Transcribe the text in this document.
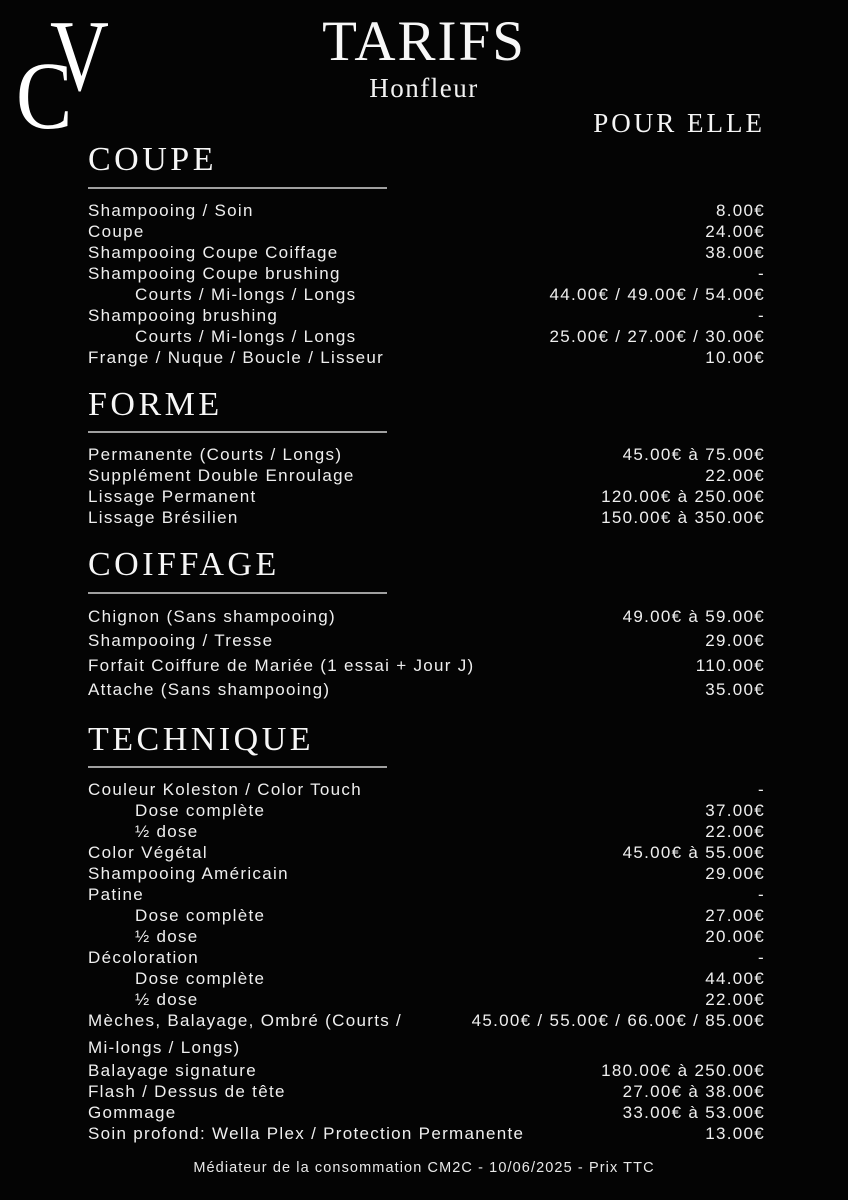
V
C
TARIFS
Honfleur
POUR ELLE
COUPE
Shampooing / Soin	8.00€
Coupe	24.00€
Shampooing Coupe Coiffage	38.00€
Shampooing Coupe brushing	-
Courts / Mi-longs / Longs	44.00€ / 49.00€ / 54.00€
Shampooing brushing	-
Courts / Mi-longs / Longs	25.00€ / 27.00€ / 30.00€
Frange / Nuque / Boucle / Lisseur	10.00€
FORME
Permanente (Courts / Longs)	45.00€ à 75.00€
Supplément Double Enroulage	22.00€
Lissage Permanent	120.00€ à 250.00€
Lissage Brésilien	150.00€ à 350.00€
COIFFAGE
Chignon (Sans shampooing)	49.00€ à 59.00€
Shampooing / Tresse	29.00€
Forfait Coiffure de Mariée (1 essai + Jour J)	110.00€
Attache (Sans shampooing)	35.00€
TECHNIQUE
Couleur Koleston / Color Touch	-
Dose complète	37.00€
½ dose	22.00€
Color Végétal	45.00€ à 55.00€
Shampooing Américain	29.00€
Patine	-
Dose complète	27.00€
½ dose	20.00€
Décoloration	-
Dose complète	44.00€
½ dose	22.00€
Mèches, Balayage, Ombré (Courts /	45.00€ / 55.00€ / 66.00€ / 85.00€
Mi-longs / Longs)
Balayage signature	180.00€ à 250.00€
Flash / Dessus de tête	27.00€ à 38.00€
Gommage	33.00€ à 53.00€
Soin profond: Wella Plex / Protection Permanente	13.00€
Médiateur de la consommation CM2C - 10/06/2025 - Prix TTC
